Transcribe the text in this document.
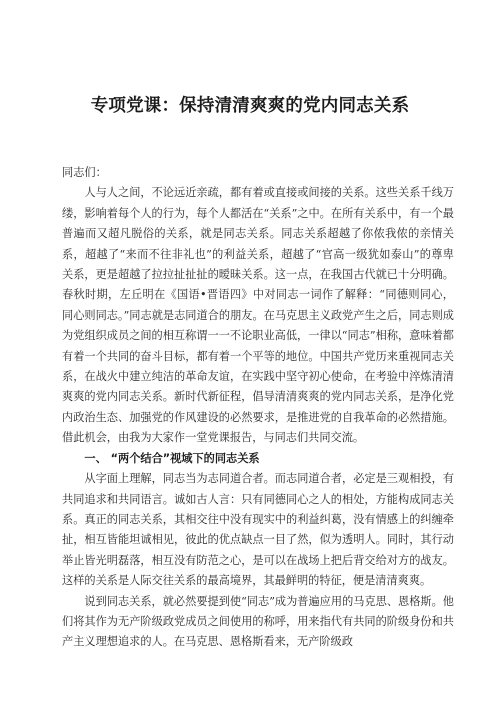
专项党课：保持清清爽爽的党内同志关系

同志们：

人与人之间，不论远近亲疏，都有着或直接或间接的关系。这些关系千线万缕，影响着每个人的行为，每个人都活在“关系”之中。在所有关系中，有一个最普遍而又超凡脱俗的关系，就是同志关系。同志关系超越了你侬我侬的亲情关系，超越了“来而不往非礼也”的利益关系，超越了“官高一级犹如泰山”的尊卑关系，更是超越了拉拉扯扯扯的暧昧关系。这一点，在我国古代就已十分明确。春秋时期，左丘明在《国语•晋语四》中对同志一词作了解释：“同德则同心，同心则同志。”同志就是志同道合的朋友。在马克思主义政党产生之后，同志则成为党组织成员之间的相互称谓一一不论职业高低，一律以“同志”相称，意味着都有着一个共同的奋斗目标，都有着一个平等的地位。中国共产党历来重视同志关系，在战火中建立纯洁的革命友谊，在实践中坚守初心使命，在考验中淬炼清清爽爽的党内同志关系。新时代新征程，倡导清清爽爽的党内同志关系，是净化党内政治生态、加强党的作风建设的必然要求，是推进党的自我革命的必然措施。借此机会，由我为大家作一堂党课报告，与同志们共同交流。

一、 “两个结合”视域下的同志关系

从字面上理解，同志当为志同道合者。而志同道合者，必定是三观相投，有共同追求和共同语言。诚如古人言：只有同德同心之人的相处，方能构成同志关系。真正的同志关系，其相交往中没有现实中的利益纠葛，没有情感上的纠缠牵扯，相互皆能坦诚相见，彼此的优点缺点一目了然，似为透明人。同时，其行动举止皆光明磊落，相互没有防范之心，是可以在战场上把后背交给对方的战友。这样的关系是人际交往关系的最高境界，其最鲜明的特征，便是清清爽爽。

说到同志关系，就必然要提到使“同志”成为普遍应用的马克思、恩格斯。他们将其作为无产阶级政党成员之间使用的称呼，用来指代有共同的阶级身份和共产主义理想追求的人。在马克思、恩格斯看来，无产阶级政
